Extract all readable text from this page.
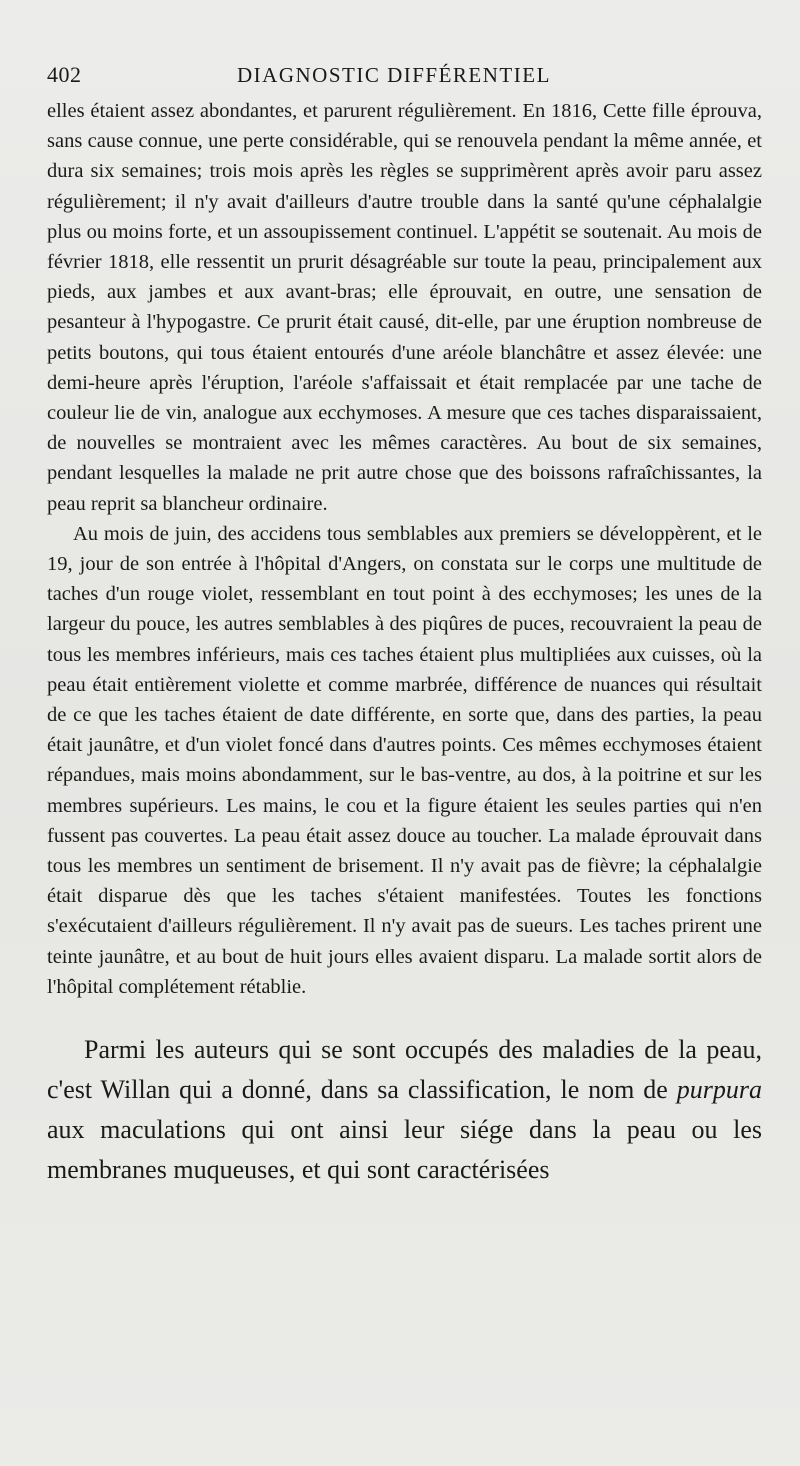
402	DIAGNOSTIC DIFFÉRENTIEL

elles étaient assez abondantes, et parurent régulièrement. En 1816, Cette fille éprouva, sans cause connue, une perte considérable, qui se renouvela pendant la même année, et dura six semaines; trois mois après les règles se supprimèrent après avoir paru assez régulièrement; il n'y avait d'ailleurs d'autre trouble dans la santé qu'une céphalalgie plus ou moins forte, et un assoupissement continuel. L'appétit se soutenait. Au mois de février 1818, elle ressentit un prurit désagréable sur toute la peau, principalement aux pieds, aux jambes et aux avant-bras; elle éprouvait, en outre, une sensation de pesanteur à l'hypogastre. Ce prurit était causé, dit-elle, par une éruption nombreuse de petits boutons, qui tous étaient entourés d'une aréole blanchâtre et assez élevée: une demi-heure après l'éruption, l'aréole s'affaissait et était remplacée par une tache de couleur lie de vin, analogue aux ecchymoses. A mesure que ces taches disparaissaient, de nouvelles se montraient avec les mêmes caractères. Au bout de six semaines, pendant lesquelles la malade ne prit autre chose que des boissons rafraîchissantes, la peau reprit sa blancheur ordinaire.

Au mois de juin, des accidens tous semblables aux premiers se développèrent, et le 19, jour de son entrée à l'hôpital d'Angers, on constata sur le corps une multitude de taches d'un rouge violet, ressemblant en tout point à des ecchymoses; les unes de la largeur du pouce, les autres semblables à des piqûres de puces, recouvraient la peau de tous les membres inférieurs, mais ces taches étaient plus multipliées aux cuisses, où la peau était entièrement violette et comme marbrée, différence de nuances qui résultait de ce que les taches étaient de date différente, en sorte que, dans des parties, la peau était jaunâtre, et d'un violet foncé dans d'autres points. Ces mêmes ecchymoses étaient répandues, mais moins abondamment, sur le bas-ventre, au dos, à la poitrine et sur les membres supérieurs. Les mains, le cou et la figure étaient les seules parties qui n'en fussent pas couvertes. La peau était assez douce au toucher. La malade éprouvait dans tous les membres un sentiment de brisement. Il n'y avait pas de fièvre; la céphalalgie était disparue dès que les taches s'étaient manifestées. Toutes les fonctions s'exécutaient d'ailleurs régulièrement. Il n'y avait pas de sueurs. Les taches prirent une teinte jaunâtre, et au bout de huit jours elles avaient disparu. La malade sortit alors de l'hôpital complétement rétablie.

Parmi les auteurs qui se sont occupés des maladies de la peau, c'est Willan qui a donné, dans sa classification, le nom de purpura aux maculations qui ont ainsi leur siége dans la peau ou les membranes muqueuses, et qui sont caractérisées
